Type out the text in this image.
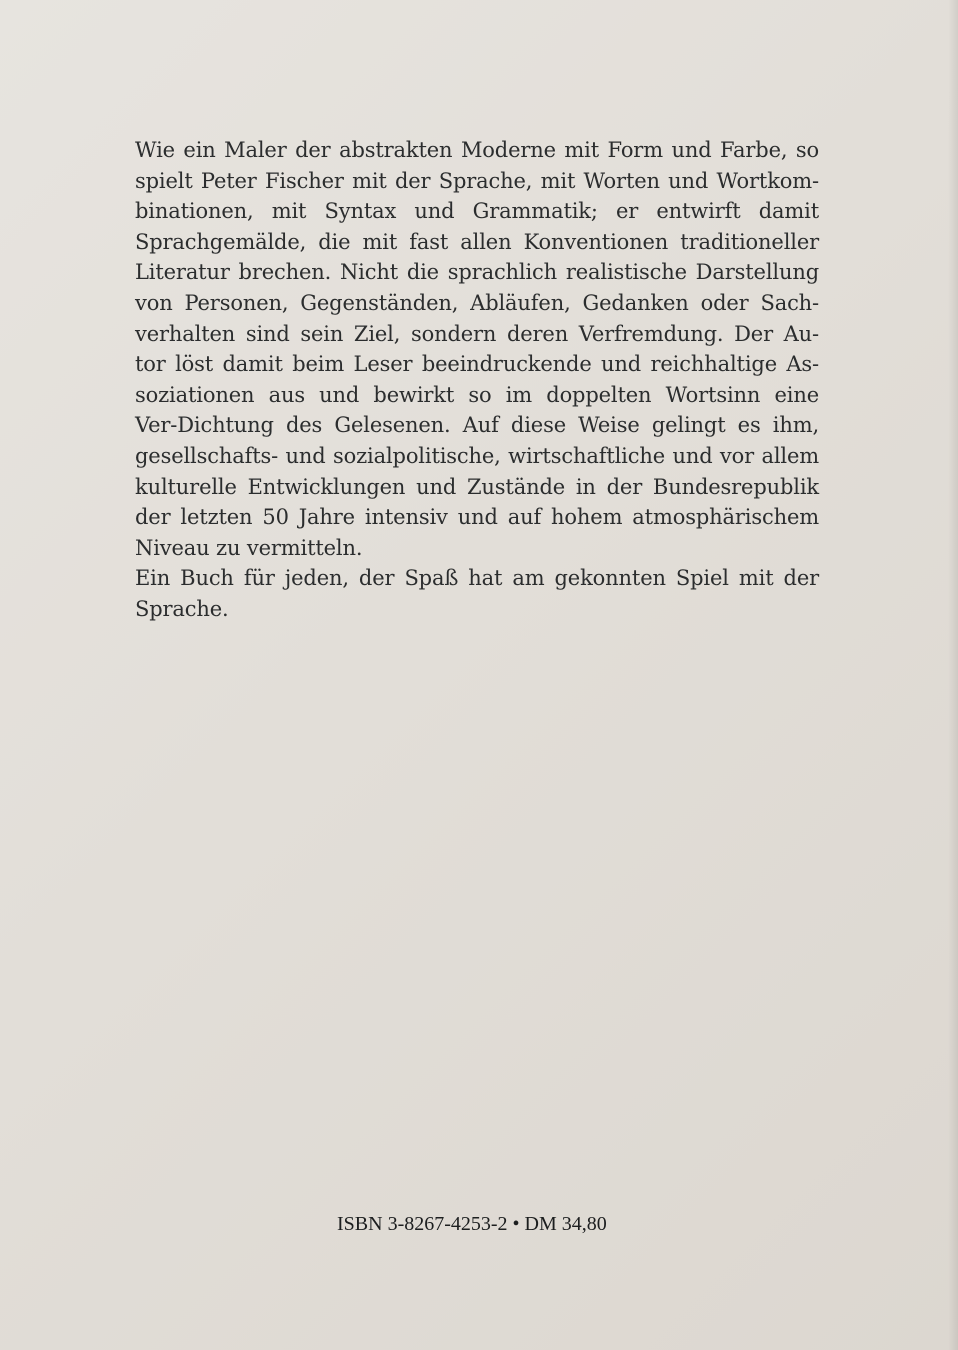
Wie ein Maler der abstrakten Moderne mit Form und Farbe, so
spielt Peter Fischer mit der Sprache, mit Worten und Wortkom-
binationen, mit Syntax und Grammatik; er entwirft damit
Sprachgemälde, die mit fast allen Konventionen traditioneller
Literatur brechen. Nicht die sprachlich realistische Darstellung
von Personen, Gegenständen, Abläufen, Gedanken oder Sach-
verhalten sind sein Ziel, sondern deren Verfremdung. Der Au-
tor löst damit beim Leser beeindruckende und reichhaltige As-
soziationen aus und bewirkt so im doppelten Wortsinn eine
Ver-Dichtung des Gelesenen. Auf diese Weise gelingt es ihm,
gesellschafts- und sozialpolitische, wirtschaftliche und vor allem
kulturelle Entwicklungen und Zustände in der Bundesrepublik
der letzten 50 Jahre intensiv und auf hohem atmosphärischem
Niveau zu vermitteln.
Ein Buch für jeden, der Spaß hat am gekonnten Spiel mit der
Sprache.
ISBN 3-8267-4253-2 • DM 34,80
